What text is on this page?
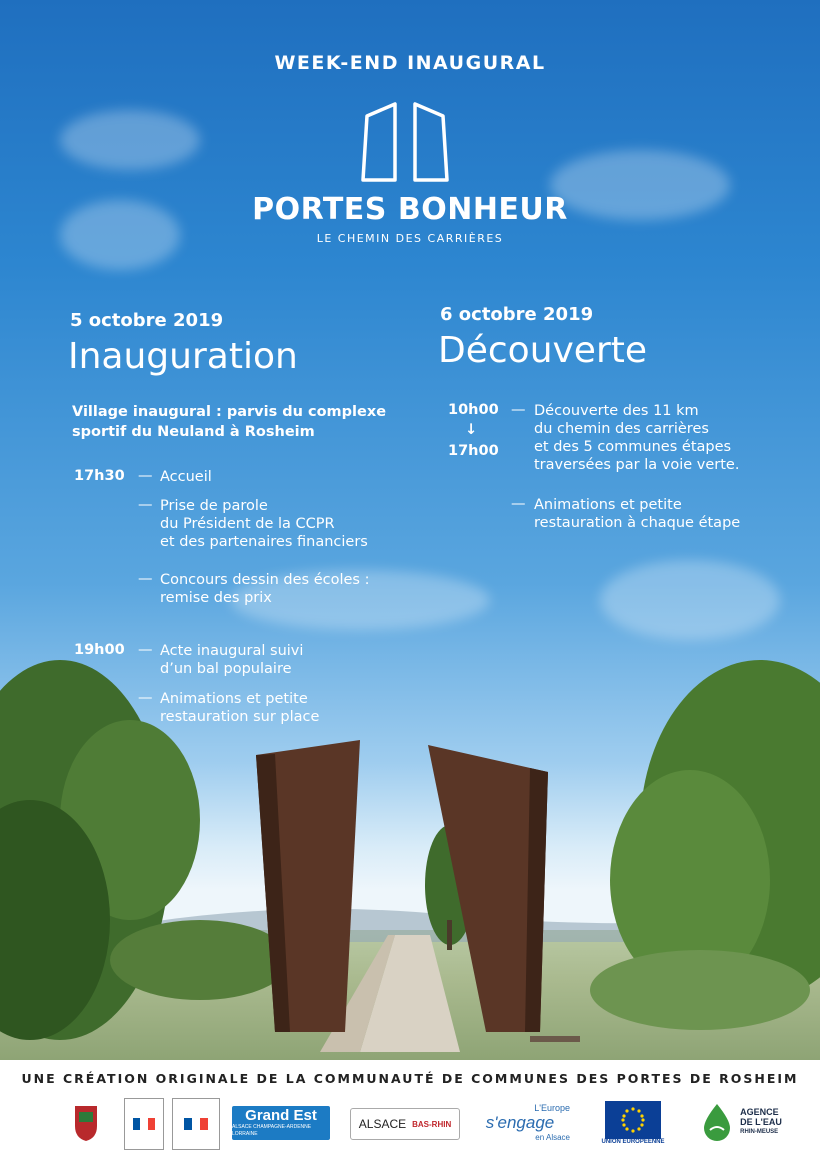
WEEK-END INAUGURAL
PORTES BONHEUR
LE CHEMIN DES CARRIÈRES
5 octobre 2019
Inauguration
Village inaugural : parvis du complexe
sportif du Neuland à Rosheim
17h30 — Accueil
— Prise de parole
du Président de la CCPR
et des partenaires financiers
— Concours dessin des écoles :
remise des prix
19h00 — Acte inaugural suivi
d’un bal populaire
— Animations et petite
restauration sur place
6 octobre 2019
Découverte
10h00
↓
17h00
— Découverte des 11 km
du chemin des carrières
et des 5 communes étapes
traversées par la voie verte.
— Animations et petite
restauration à chaque étape
UNE CRÉATION ORIGINALE DE LA COMMUNAUTÉ DE COMMUNES DES PORTES DE ROSHEIM
Grand Est
ALSACE CHAMPAGNE-ARDENNE LORRAINE
ALSACE BAS-RHIN
L'Europe
s'engage
en Alsace
UNION EUROPÉENNE
AGENCE
DE L'EAU
RHIN-MEUSE
